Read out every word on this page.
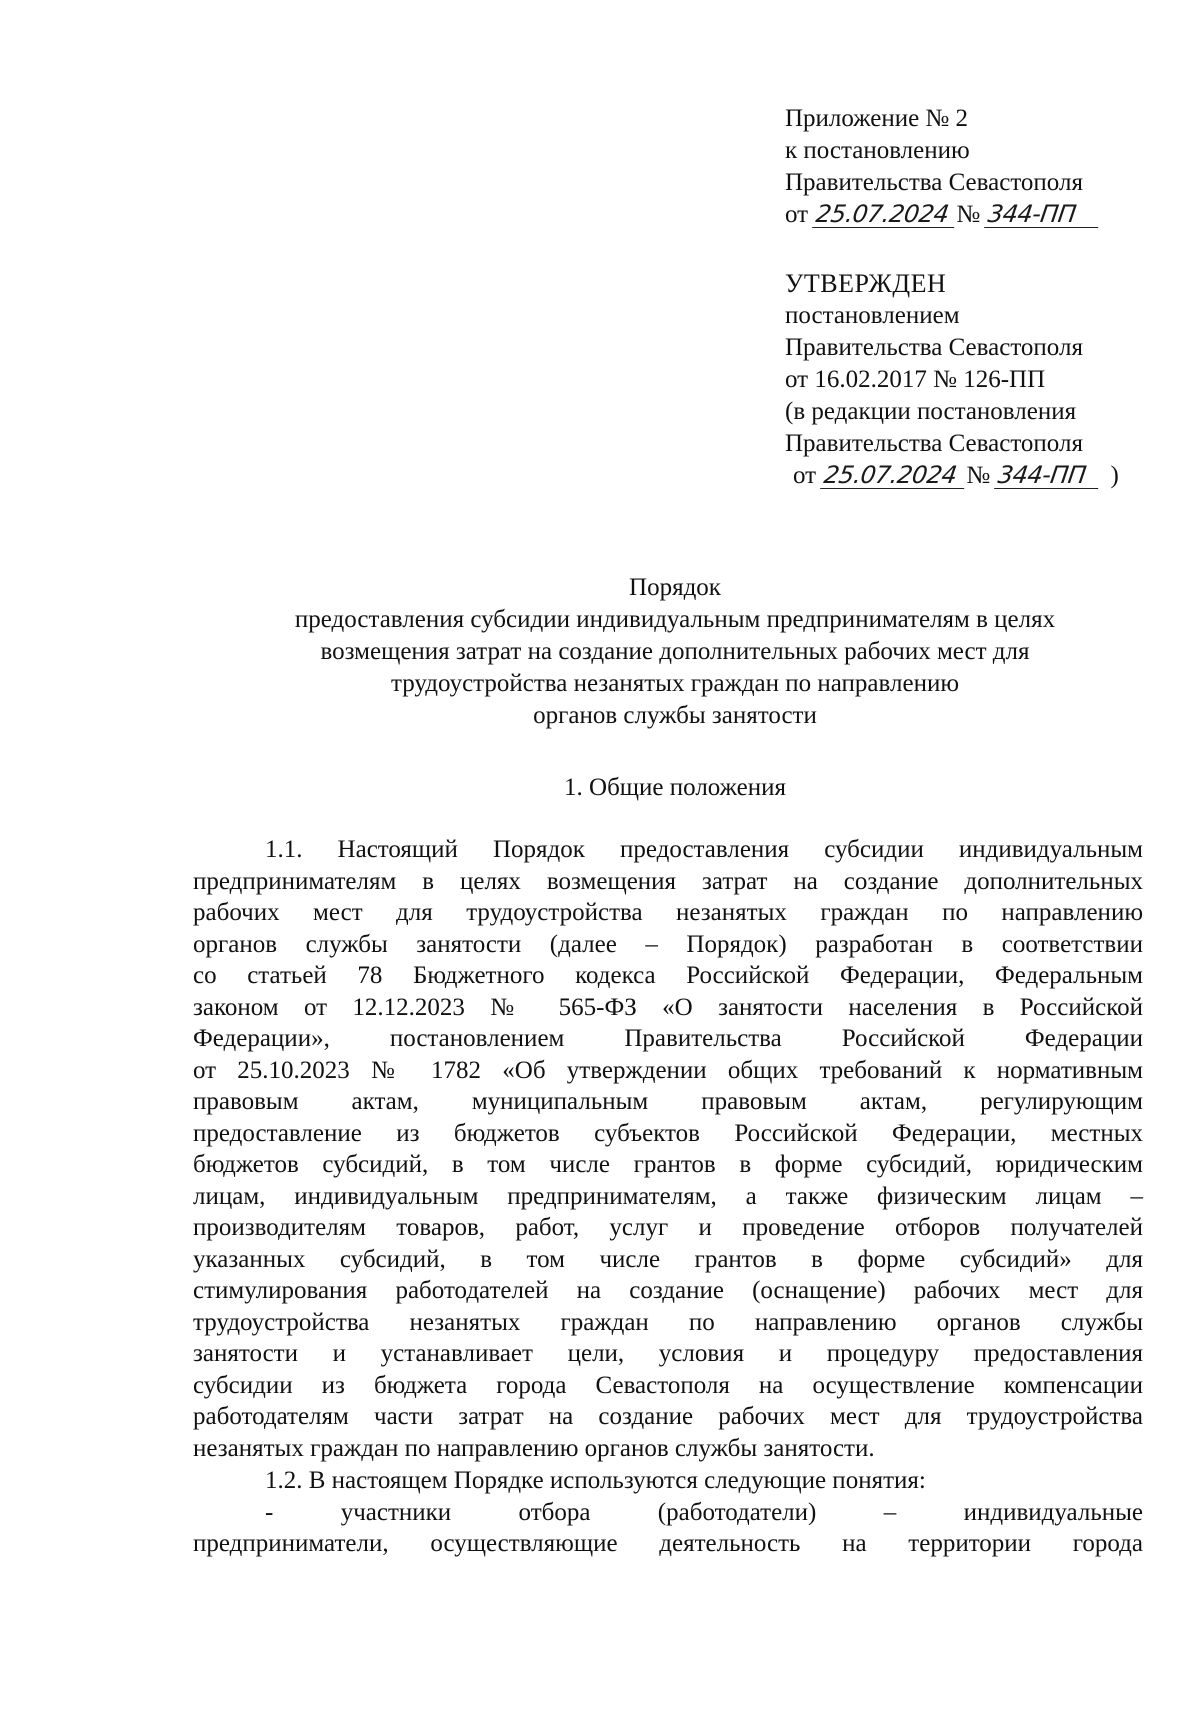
Приложение № 2
к постановлению
Правительства Севастополя
от 25.07.2024 № 344-ПП
УТВЕРЖДЕН
постановлением
Правительства Севастополя
от 16.02.2017 № 126-ПП
(в редакции постановления
Правительства Севастополя
от 25.07.2024 № 344-ПП )
Порядок
предоставления субсидии индивидуальным предпринимателям в целях
возмещения затрат на создание дополнительных рабочих мест для
трудоустройства незанятых граждан по направлению
органов службы занятости
1. Общие положения
1.1. Настоящий Порядок предоставления субсидии индивидуальным
предпринимателям в целях возмещения затрат на создание дополнительных
рабочих мест для трудоустройства незанятых граждан по направлению
органов службы занятости (далее – Порядок) разработан в соответствии
со статьей 78 Бюджетного кодекса Российской Федерации, Федеральным
законом от 12.12.2023 № 565-ФЗ «О занятости населения в Российской
Федерации», постановлением Правительства Российской Федерации
от 25.10.2023 № 1782 «Об утверждении общих требований к нормативным
правовым актам, муниципальным правовым актам, регулирующим
предоставление из бюджетов субъектов Российской Федерации, местных
бюджетов субсидий, в том числе грантов в форме субсидий, юридическим
лицам, индивидуальным предпринимателям, а также физическим лицам –
производителям товаров, работ, услуг и проведение отборов получателей
указанных субсидий, в том числе грантов в форме субсидий» для
стимулирования работодателей на создание (оснащение) рабочих мест для
трудоустройства незанятых граждан по направлению органов службы
занятости и устанавливает цели, условия и процедуру предоставления
субсидии из бюджета города Севастополя на осуществление компенсации
работодателям части затрат на создание рабочих мест для трудоустройства
незанятых граждан по направлению органов службы занятости.
1.2. В настоящем Порядке используются следующие понятия:
- участники отбора (работодатели) – индивидуальные
предприниматели, осуществляющие деятельность на территории города
